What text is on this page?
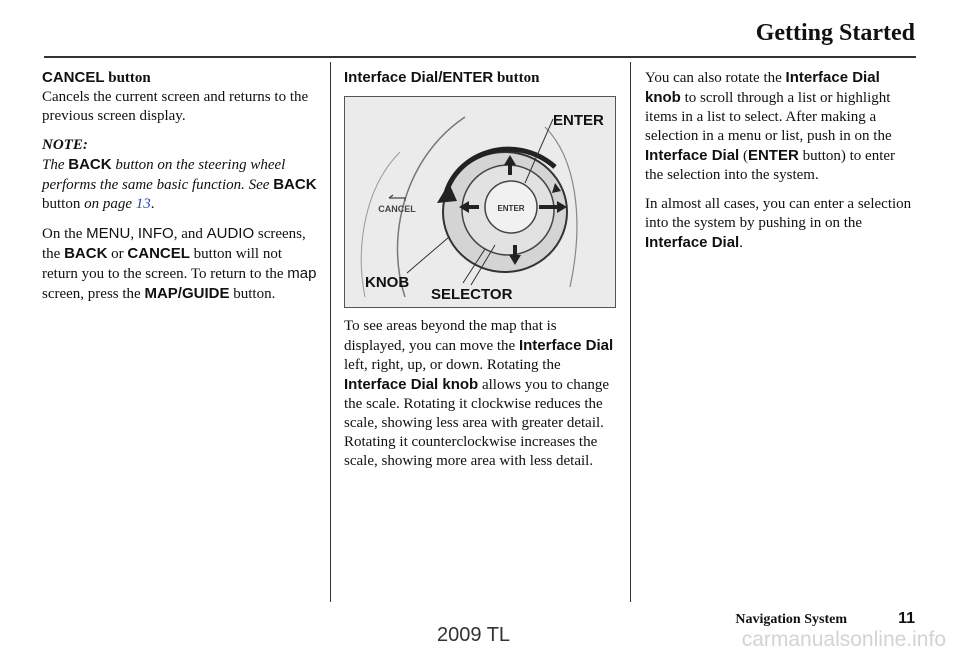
Getting Started
CANCEL button

Cancels the current screen and returns to the previous screen display.

NOTE:
The BACK button on the steering wheel performs the same basic function. See BACK button on page 13.

On the MENU, INFO, and AUDIO screens, the BACK or CANCEL button will not return you to the screen. To return to the map screen, press the MAP/GUIDE button.

Interface Dial/ENTER button
ENTER
CANCEL
ENTER
KNOB
SELECTOR

To see areas beyond the map that is displayed, you can move the Interface Dial left, right, up, or down. Rotating the Interface Dial knob allows you to change the scale. Rotating it clockwise reduces the scale, showing less area with greater detail. Rotating it counterclockwise increases the scale, showing more area with less detail.

You can also rotate the Interface Dial knob to scroll through a list or highlight items in a list to select. After making a selection in a menu or list, push in on the Interface Dial (ENTER button) to enter the selection into the system.

In almost all cases, you can enter a selection into the system by pushing in on the Interface Dial.

Navigation System	11
2009 TL	carmanualsonline.info
